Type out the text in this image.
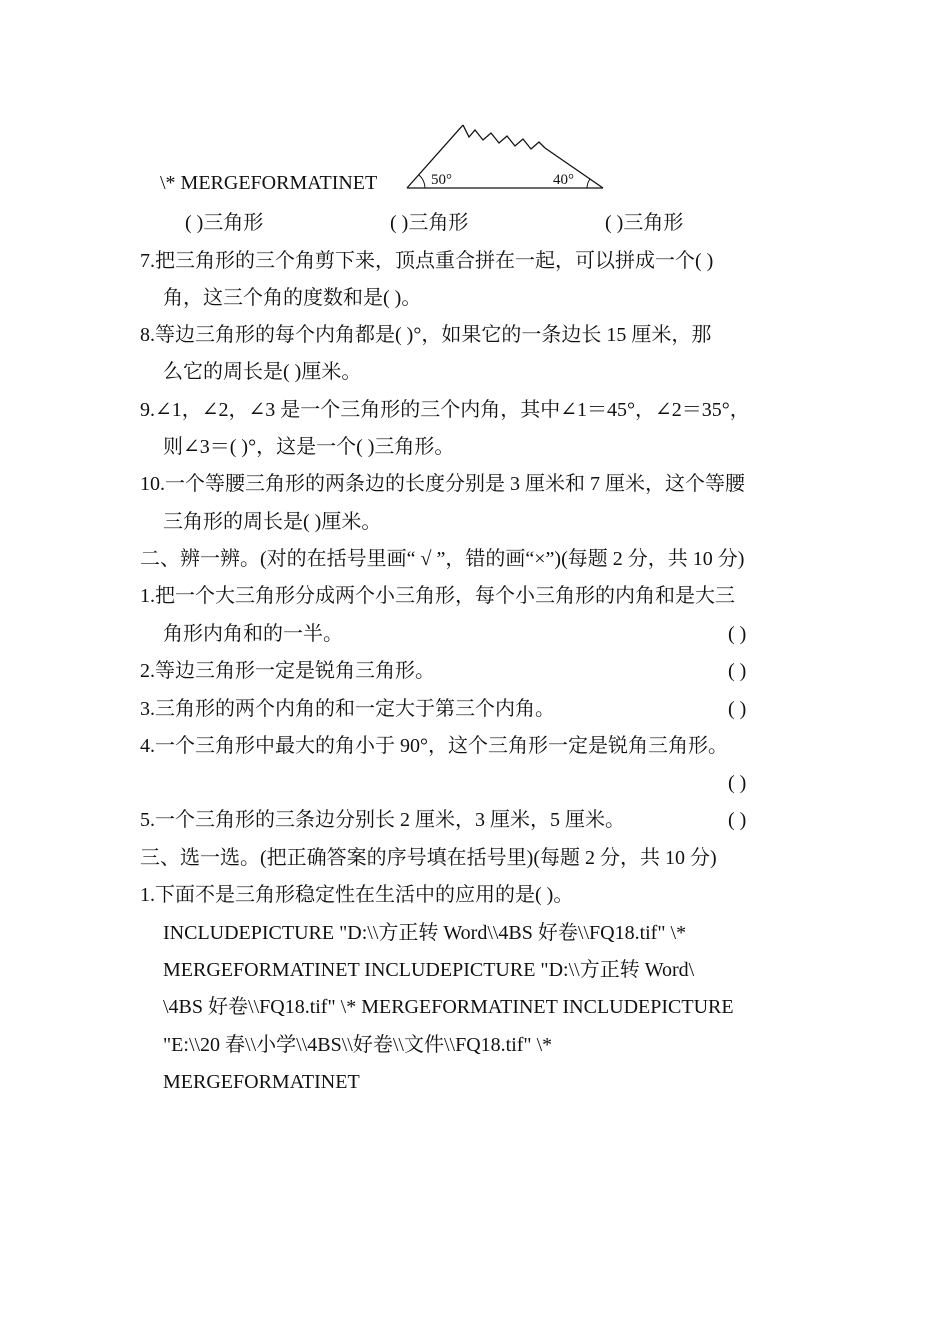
\* MERGEFORMATINET	50°	40°
( )三角形	( )三角形	( )三角形
7.把三角形的三个角剪下来，顶点重合拼在一起，可以拼成一个( )
角，这三个角的度数和是( )。
8.等边三角形的每个内角都是( )°，如果它的一条边长 15 厘米，那
么它的周长是( )厘米。
9.∠1，∠2，∠3 是一个三角形的三个内角，其中∠1＝45°，∠2＝35°，
则∠3＝( )°，这是一个( )三角形。
10.一个等腰三角形的两条边的长度分别是 3 厘米和 7 厘米，这个等腰
三角形的周长是( )厘米。
二、辨一辨。(对的在括号里画“ √ ”，错的画“×”)(每题 2 分，共 10 分)
1.把一个大三角形分成两个小三角形，每个小三角形的内角和是大三
角形内角和的一半。	( )
2.等边三角形一定是锐角三角形。	( )
3.三角形的两个内角的和一定大于第三个内角。	( )
4.一个三角形中最大的角小于 90°，这个三角形一定是锐角三角形。
( )
5.一个三角形的三条边分别长 2 厘米，3 厘米，5 厘米。	( )
三、选一选。(把正确答案的序号填在括号里)(每题 2 分，共 10 分)
1.下面不是三角形稳定性在生活中的应用的是( )。
INCLUDEPICTURE "D:\\方正转 Word\\4BS 好卷\\FQ18.tif" \*
MERGEFORMATINET INCLUDEPICTURE "D:\\方正转 Word\
\4BS 好卷\\FQ18.tif" \* MERGEFORMATINET INCLUDEPICTURE
"E:\\20 春\\小学\\4BS\\好卷\\文件\\FQ18.tif" \*
MERGEFORMATINET
